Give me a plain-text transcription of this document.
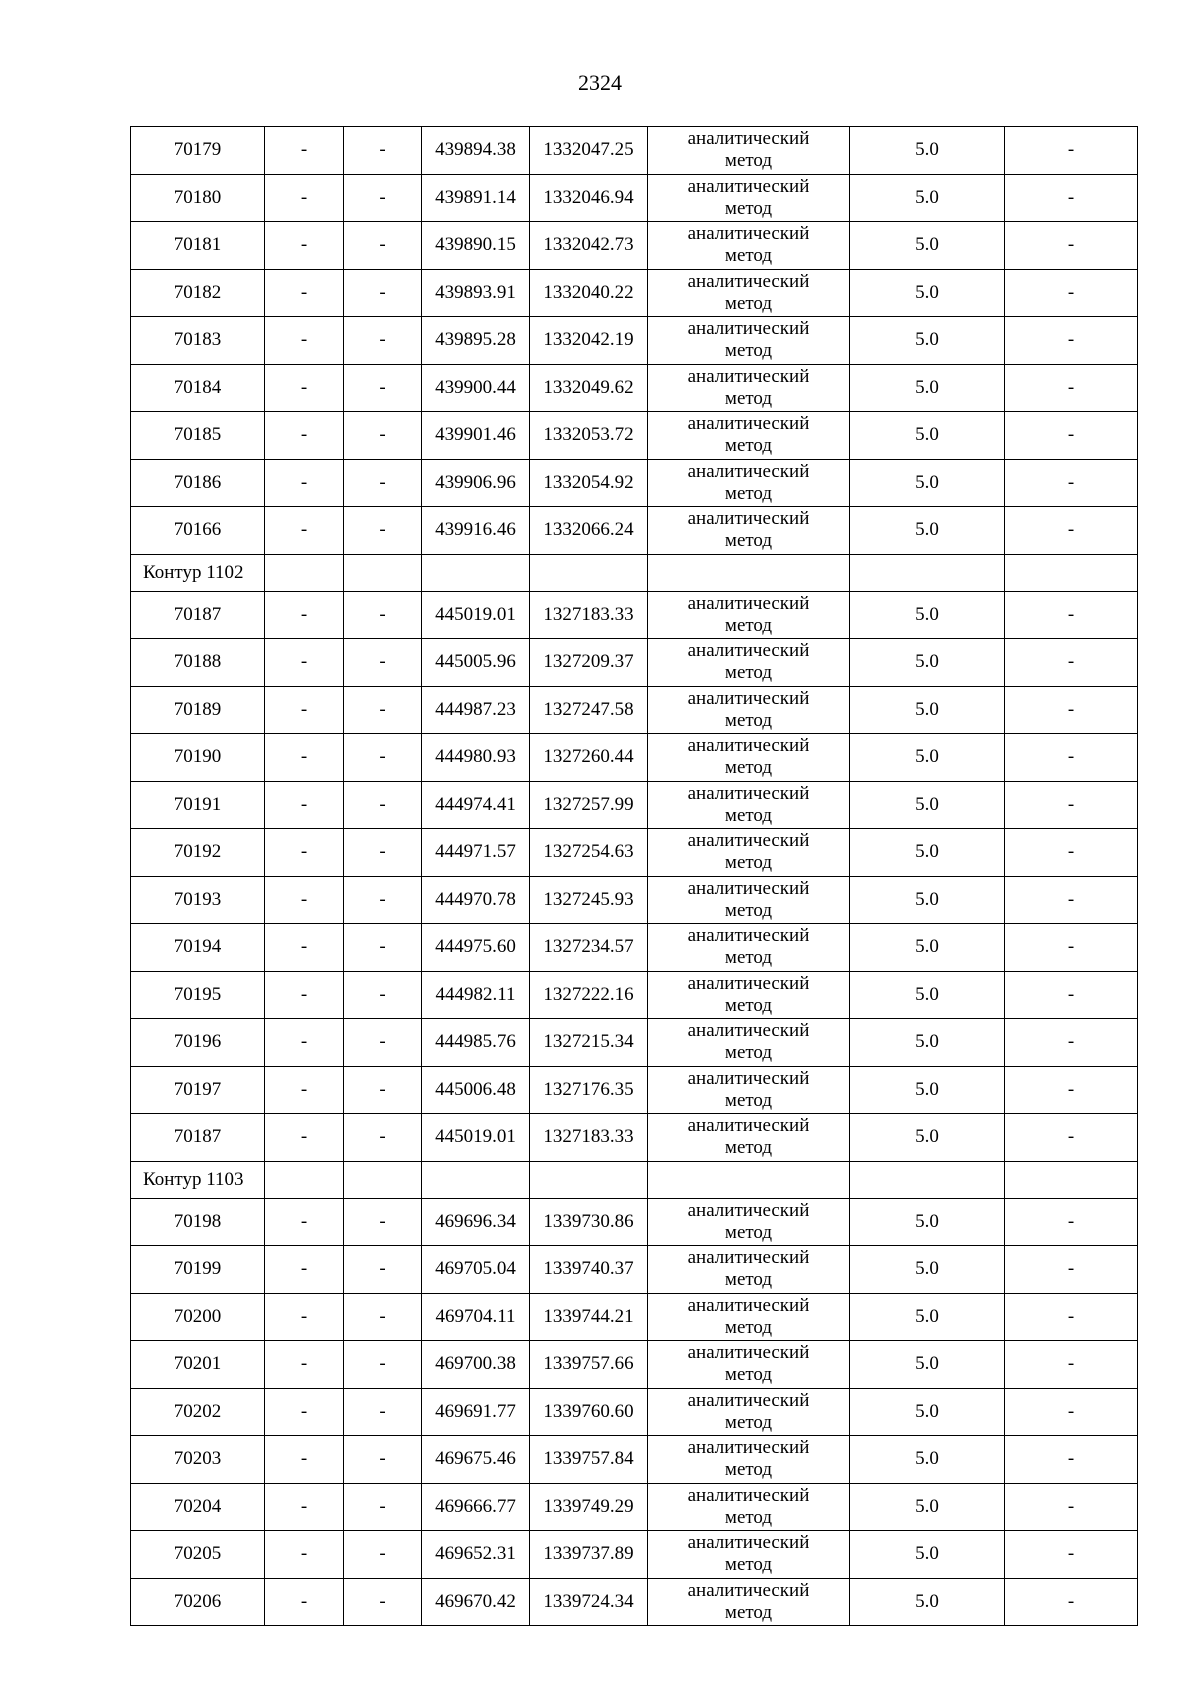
2324
70179	-	-	439894.38	1332047.25	аналитический
метод	5.0	-
70180	-	-	439891.14	1332046.94	аналитический
метод	5.0	-
70181	-	-	439890.15	1332042.73	аналитический
метод	5.0	-
70182	-	-	439893.91	1332040.22	аналитический
метод	5.0	-
70183	-	-	439895.28	1332042.19	аналитический
метод	5.0	-
70184	-	-	439900.44	1332049.62	аналитический
метод	5.0	-
70185	-	-	439901.46	1332053.72	аналитический
метод	5.0	-
70186	-	-	439906.96	1332054.92	аналитический
метод	5.0	-
70166	-	-	439916.46	1332066.24	аналитический
метод	5.0	-
Контур 1102							
70187	-	-	445019.01	1327183.33	аналитический
метод	5.0	-
70188	-	-	445005.96	1327209.37	аналитический
метод	5.0	-
70189	-	-	444987.23	1327247.58	аналитический
метод	5.0	-
70190	-	-	444980.93	1327260.44	аналитический
метод	5.0	-
70191	-	-	444974.41	1327257.99	аналитический
метод	5.0	-
70192	-	-	444971.57	1327254.63	аналитический
метод	5.0	-
70193	-	-	444970.78	1327245.93	аналитический
метод	5.0	-
70194	-	-	444975.60	1327234.57	аналитический
метод	5.0	-
70195	-	-	444982.11	1327222.16	аналитический
метод	5.0	-
70196	-	-	444985.76	1327215.34	аналитический
метод	5.0	-
70197	-	-	445006.48	1327176.35	аналитический
метод	5.0	-
70187	-	-	445019.01	1327183.33	аналитический
метод	5.0	-
Контур 1103							
70198	-	-	469696.34	1339730.86	аналитический
метод	5.0	-
70199	-	-	469705.04	1339740.37	аналитический
метод	5.0	-
70200	-	-	469704.11	1339744.21	аналитический
метод	5.0	-
70201	-	-	469700.38	1339757.66	аналитический
метод	5.0	-
70202	-	-	469691.77	1339760.60	аналитический
метод	5.0	-
70203	-	-	469675.46	1339757.84	аналитический
метод	5.0	-
70204	-	-	469666.77	1339749.29	аналитический
метод	5.0	-
70205	-	-	469652.31	1339737.89	аналитический
метод	5.0	-
70206	-	-	469670.42	1339724.34	аналитический
метод	5.0	-
